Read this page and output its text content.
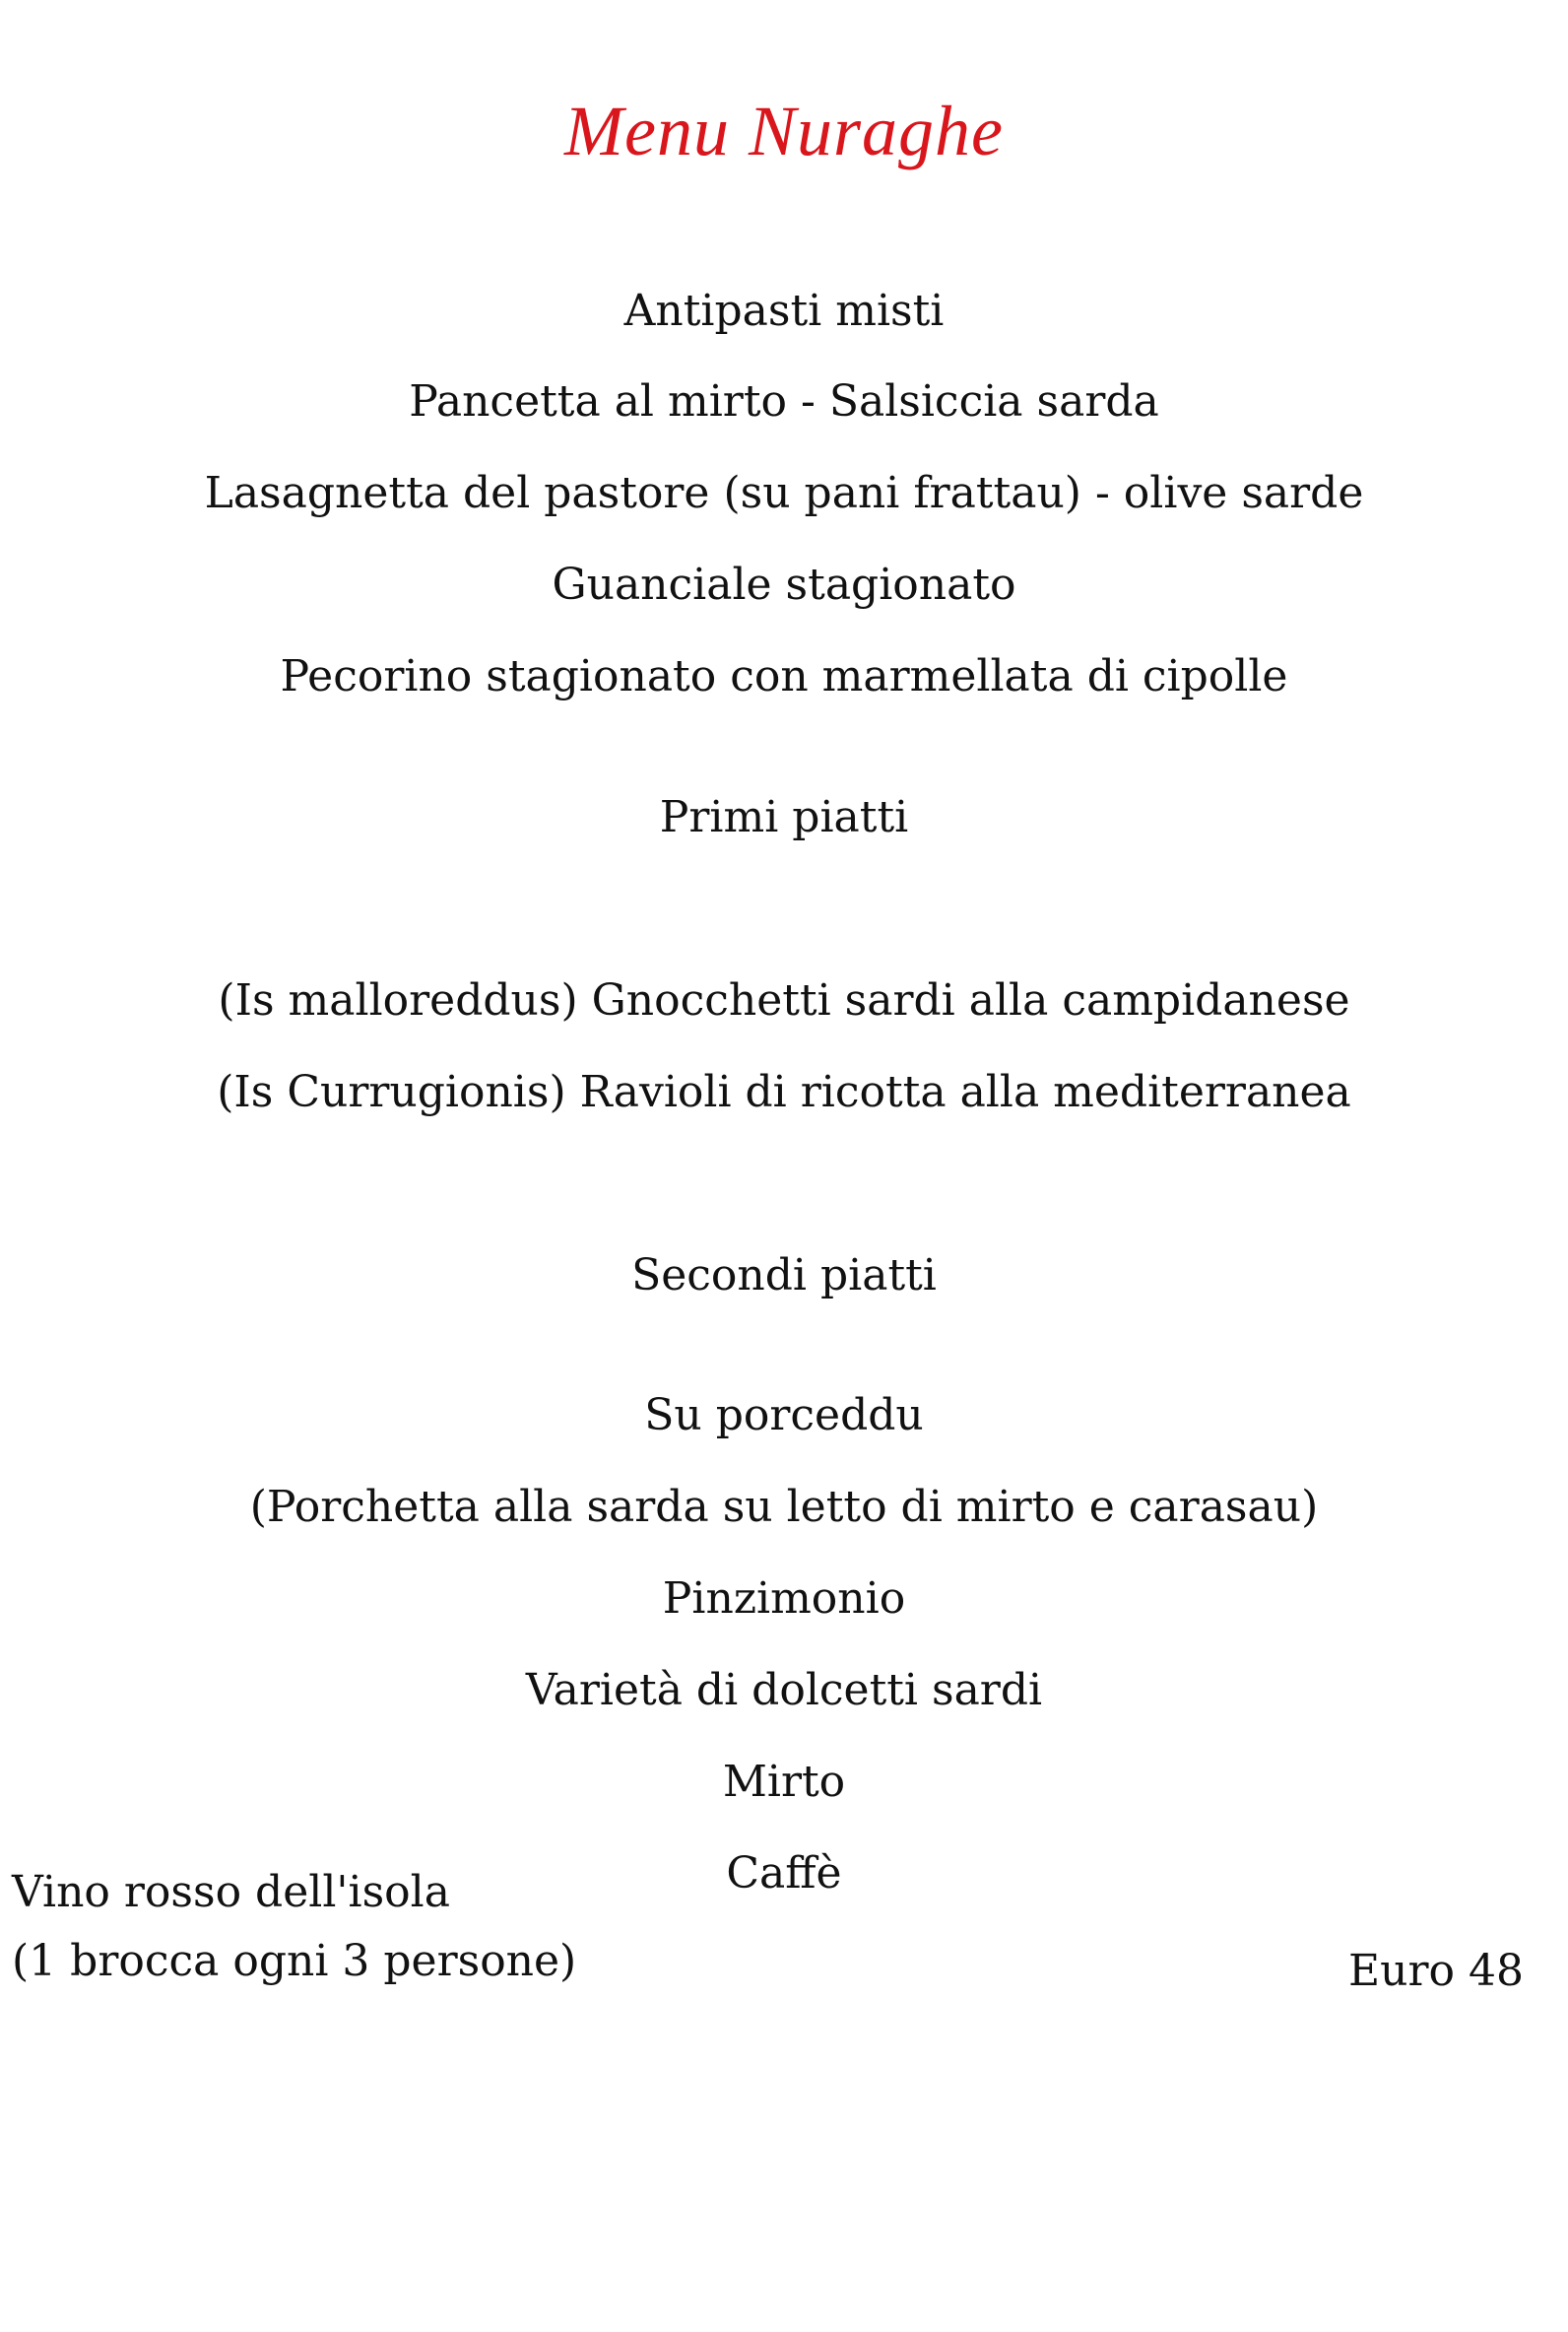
Menu Nuraghe
Antipasti misti
Pancetta al mirto - Salsiccia sarda
Lasagnetta del pastore (su pani frattau) - olive sarde
Guanciale stagionato
Pecorino stagionato con marmellata di cipolle
Primi piatti
(Is malloreddus) Gnocchetti sardi alla campidanese
(Is Currugionis) Ravioli di ricotta alla mediterranea
Secondi piatti
Su porceddu
(Porchetta alla sarda su letto di mirto e carasau)
Pinzimonio
Varietà di dolcetti sardi
Mirto
Caffè
Vino rosso dell'isola
(1 brocca ogni 3 persone)	Euro 48
